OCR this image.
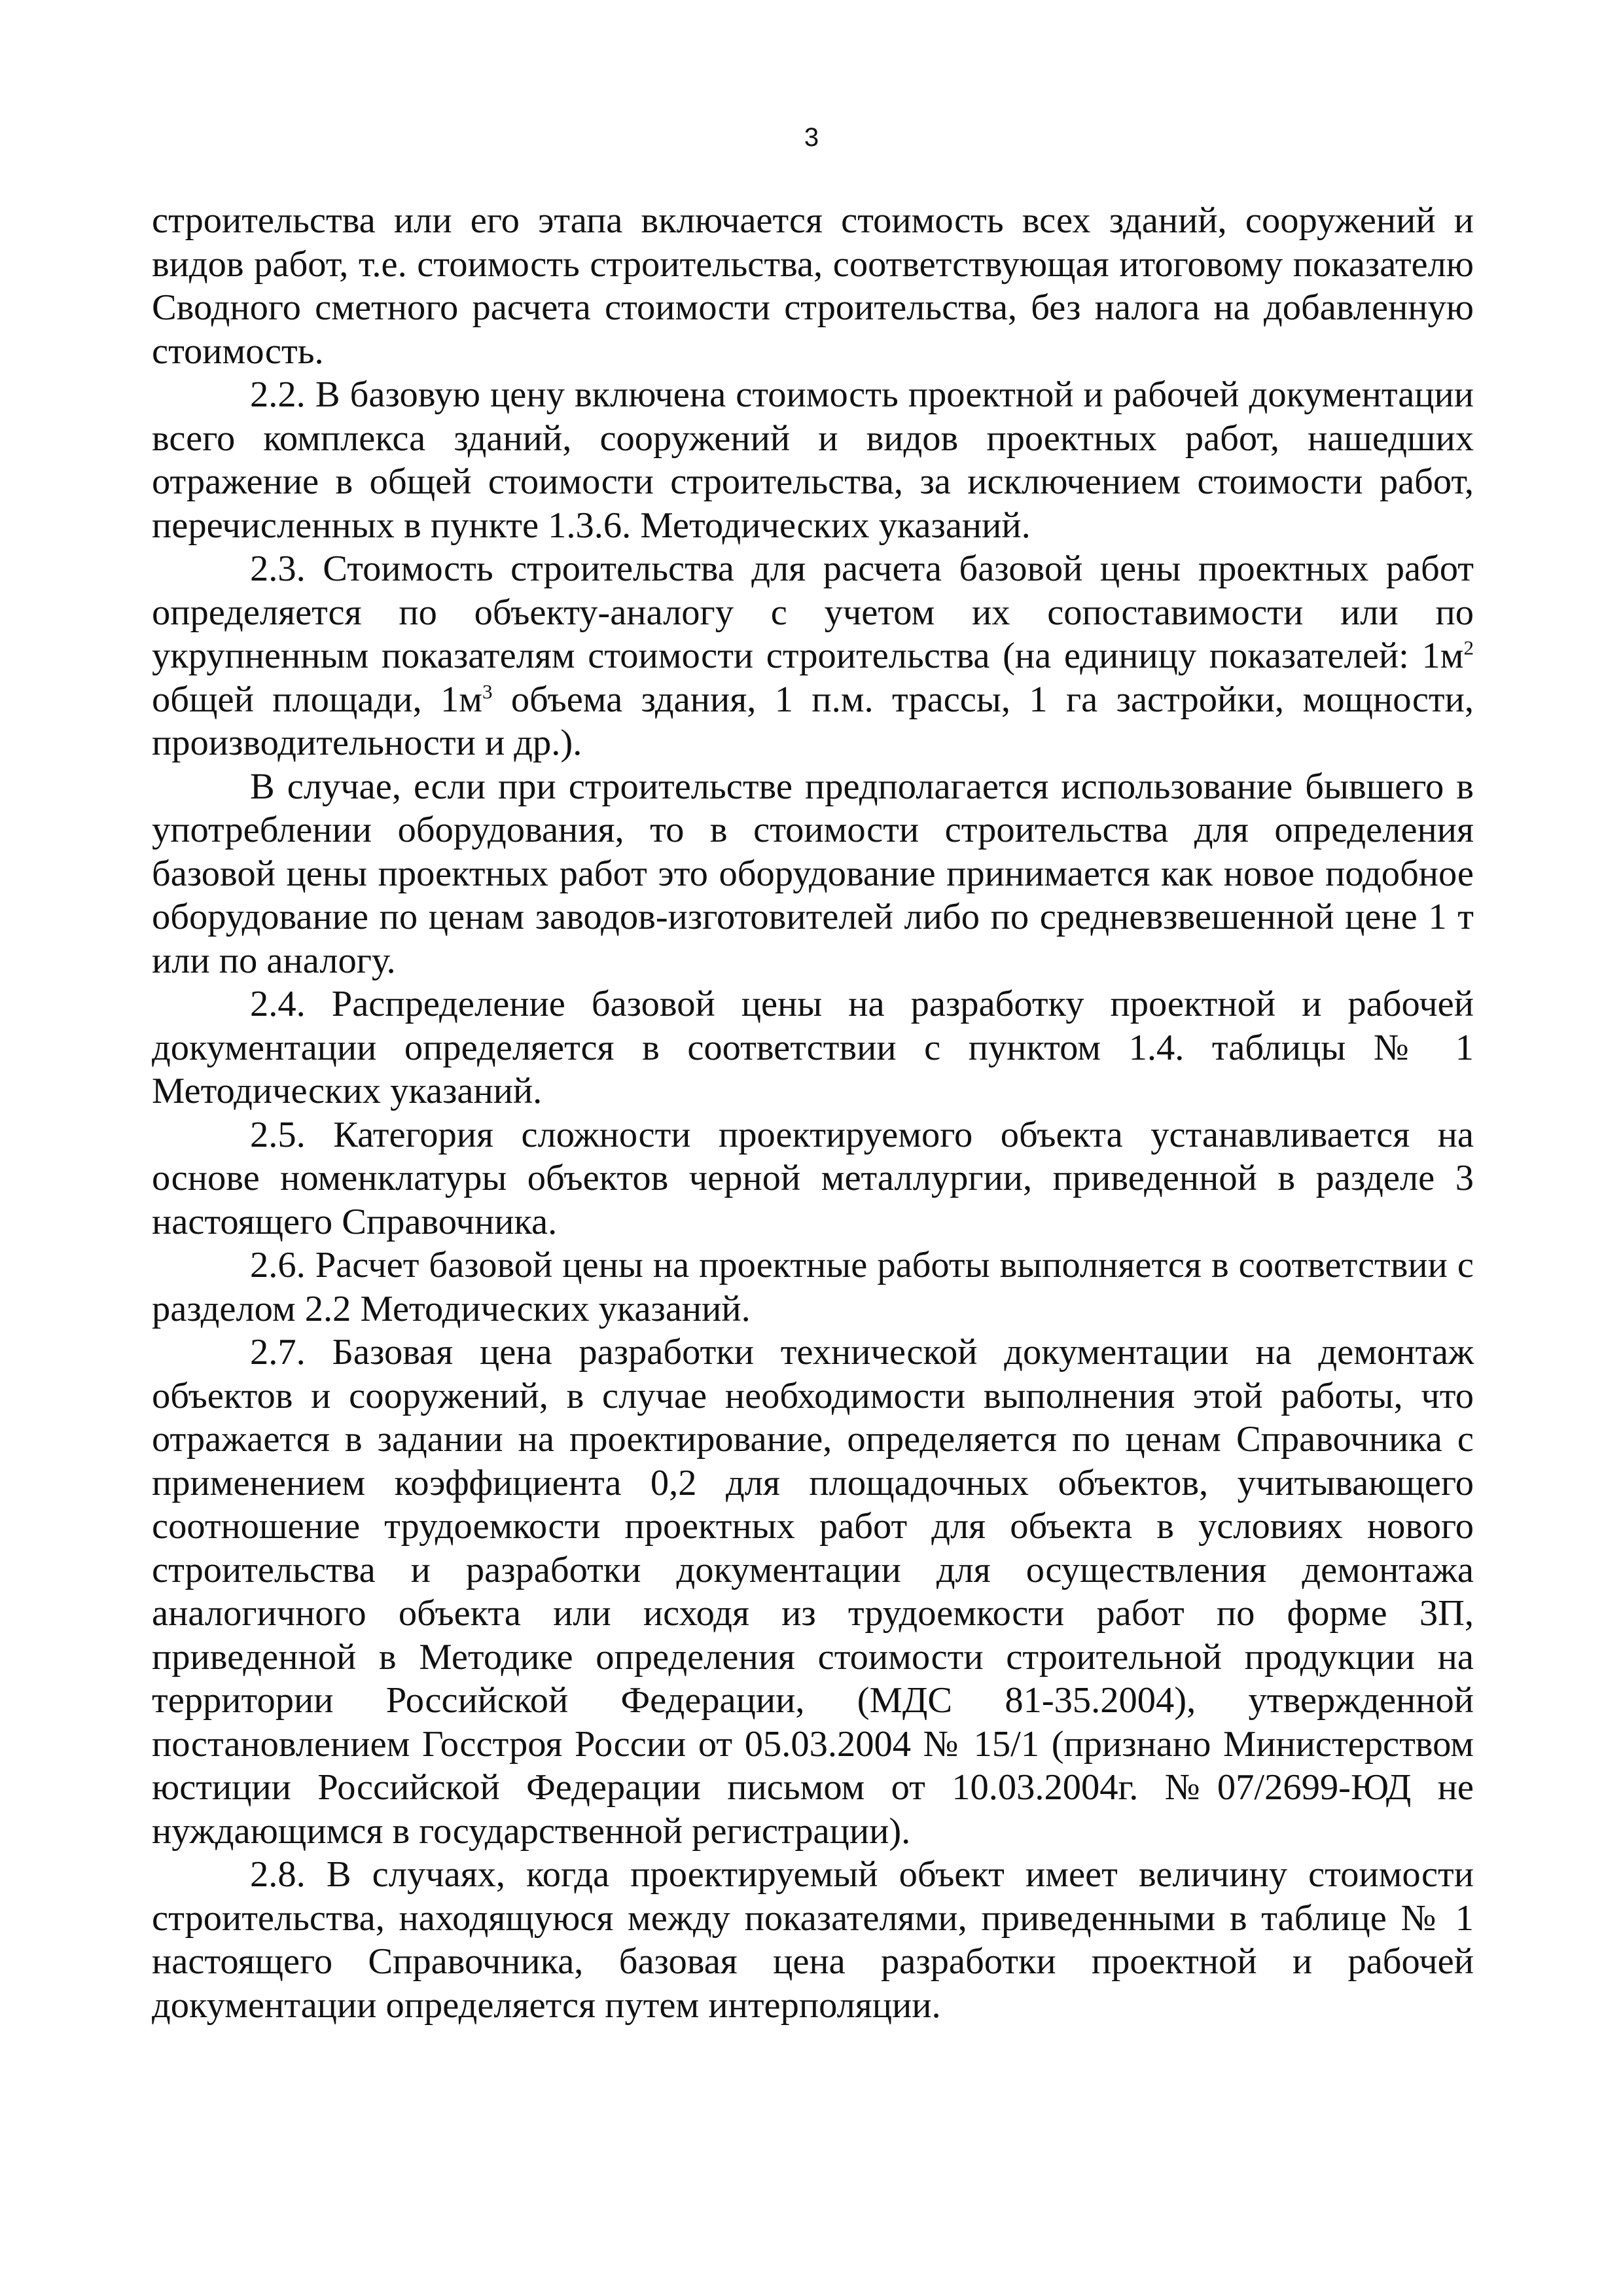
3

строительства или его этапа включается стоимость всех зданий, сооружений и видов работ, т.е. стоимость строительства, соответствующая итоговому показателю Сводного сметного расчета стоимости строительства, без налога на добавленную стоимость.

2.2. В базовую цену включена стоимость проектной и рабочей документации всего комплекса зданий, сооружений и видов проектных работ, нашедших отражение в общей стоимости строительства, за исключением стоимости работ, перечисленных в пункте 1.3.6. Методических указаний.

2.3. Стоимость строительства для расчета базовой цены проектных работ определяется по объекту-аналогу с учетом их сопоставимости или по укрупненным показателям стоимости строительства (на единицу показателей: $1м^2$ общей площади, $1м^3$ объема здания, 1 п.м. трассы, 1 га застройки, мощности, производительности и др.).

В случае, если при строительстве предполагается использование бывшего в употреблении оборудования, то в стоимости строительства для определения базовой цены проектных работ это оборудование принимается как новое подобное оборудование по ценам заводов-изготовителей либо по средневзвешенной цене 1 т или по аналогу.

2.4. Распределение базовой цены на разработку проектной и рабочей документации определяется в соответствии с пунктом 1.4. таблицы № 1 Методических указаний.

2.5. Категория сложности проектируемого объекта устанавливается на основе номенклатуры объектов черной металлургии, приведенной в разделе 3 настоящего Справочника.

2.6. Расчет базовой цены на проектные работы выполняется в соответствии с разделом 2.2 Методических указаний.

2.7. Базовая цена разработки технической документации на демонтаж объектов и сооружений, в случае необходимости выполнения этой работы, что отражается в задании на проектирование, определяется по ценам Справочника с применением коэффициента 0,2 для площадочных объектов, учитывающего соотношение трудоемкости проектных работ для объекта в условиях нового строительства и разработки документации для осуществления демонтажа аналогичного объекта или исходя из трудоемкости работ по форме 3П, приведенной в Методике определения стоимости строительной продукции на территории Российской Федерации, (МДС 81-35.2004), утвержденной постановлением Госстроя России от 05.03.2004 № 15/1 (признано Министерством юстиции Российской Федерации письмом от 10.03.2004г. №07/2699-ЮД не нуждающимся в государственной регистрации).

2.8. В случаях, когда проектируемый объект имеет величину стоимости строительства, находящуюся между показателями, приведенными в таблице № 1 настоящего Справочника, базовая цена разработки проектной и рабочей документации определяется путем интерполяции.
